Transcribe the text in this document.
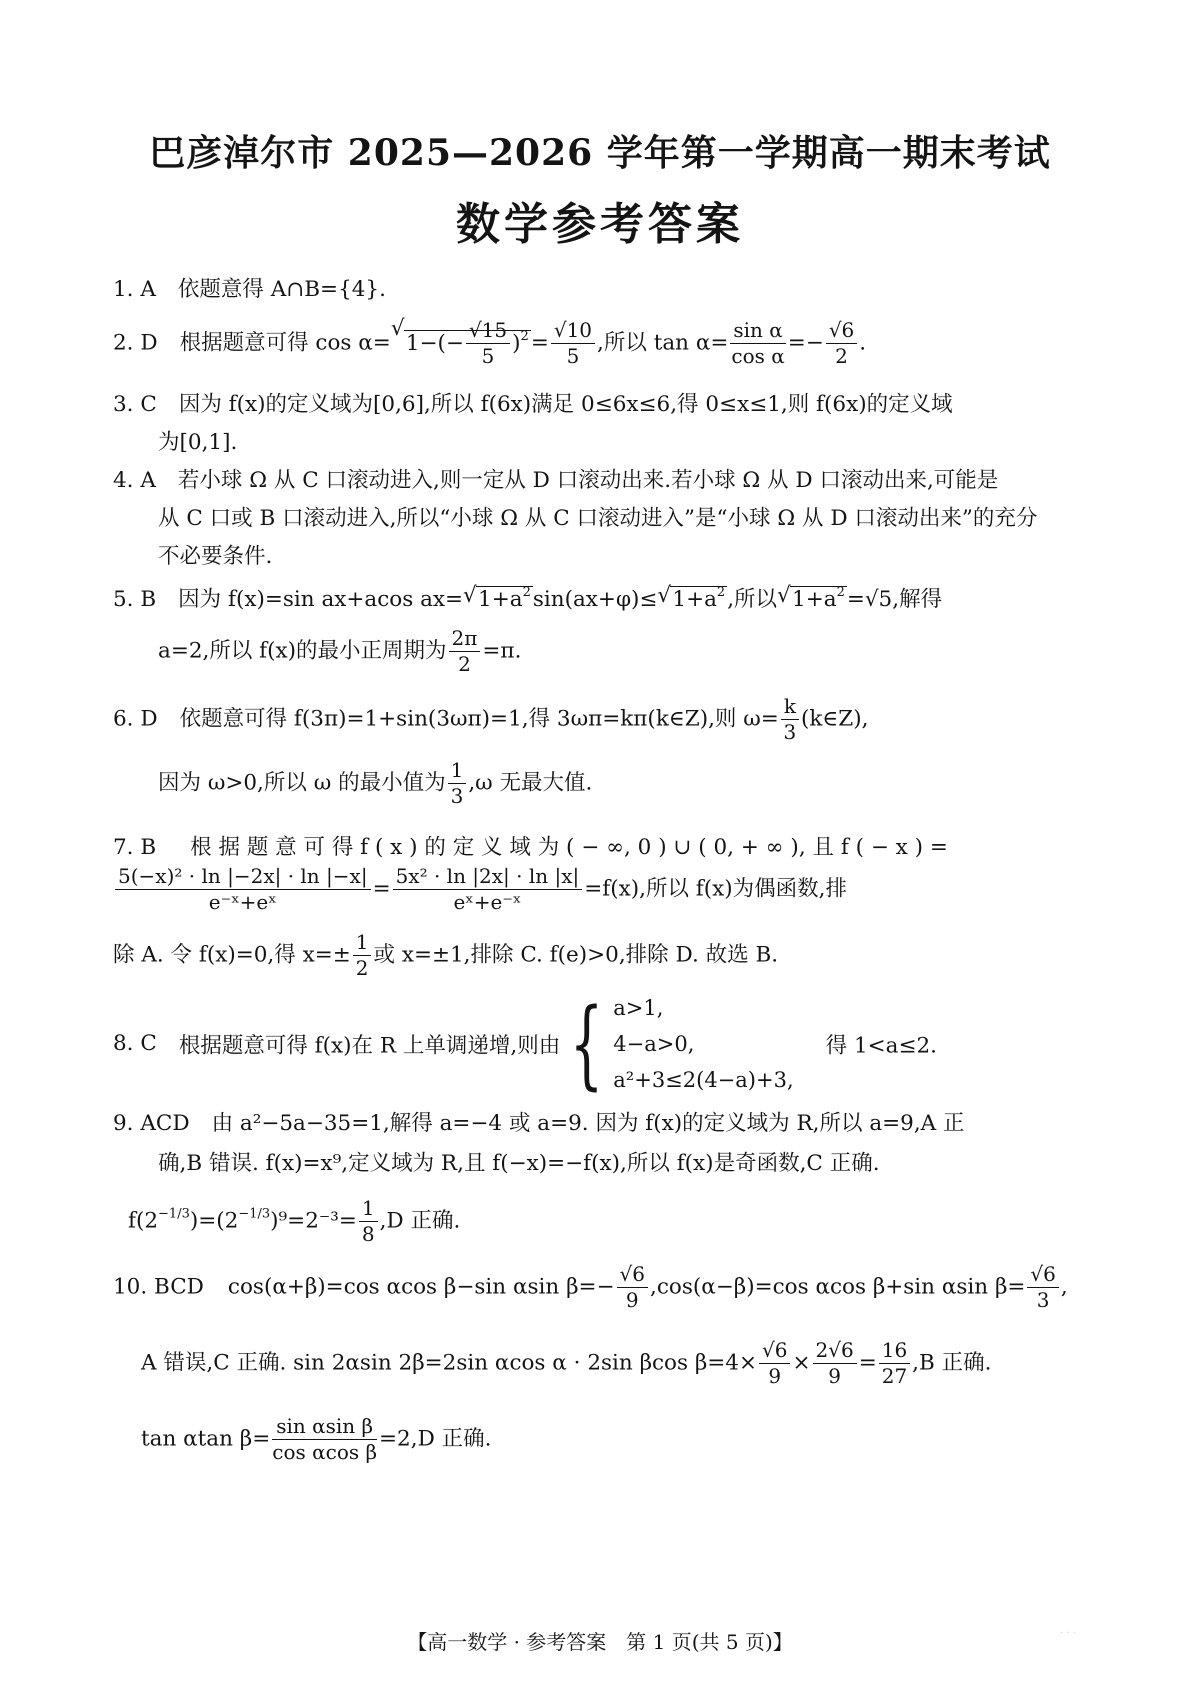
巴彦淖尔市 2025—2026 学年第一学期高一期末考试
数学参考答案
1. A 依题意得 A∩B={4}.
2. D 根据题意可得 cos α=√ $1-(- \frac{√15}{5} )^2= \frac{√10}{5}$ ,所以 $\tan \alpha= \frac{\text{sin α}}{\text{cos α}} =- \frac{√6}{2}$ .
3. C 因为 f(x)的定义域为[0,6],所以 f(6x)满足 0≤6x≤6,得 0≤x≤1,则 f(6x)的定义域
为[0,1].
4. A 若小球 Ω 从 C 口滚动进入,则一定从 D 口滚动出来.若小球 Ω 从 D 口滚动出来,可能是
从 C 口或 B 口滚动进入,所以“小球 Ω 从 C 口滚动进入”是“小球 Ω 从 D 口滚动出来”的充分
不必要条件.
5. B 因为 f(x)=sin ax+acos ax=√ $1+a^2\sin(ax+\varphi)\le√$ $1+a^2$,所以√ $1+a^2=√5$,解得
a=2,所以 f(x)的最小正周期为 $\frac{2\pi}{2} =\pi$.
6. D 依题意可得 f(3π)=1+sin(3ωπ)=1,得 3ωπ=kπ(k∈Z),则 $\omega= \frac{k}{3}$ (k∈Z),
因为 ω>0,所以 ω 的最小值为 $\frac{1}{3} ,\omega$ 无最大值.
7. B 根 据 题 意 可 得 f ( x ) 的 定 义 域 为 ( − ∞, 0 ) ∪ ( 0, + ∞ ), 且 f ( − x ) =
$\frac{\text{5(−x)² · ln |−2x| · ln |−x|}}{\text{e⁻ˣ+eˣ}} = \frac{\text{5x² · ln |2x| · ln |x|}}{\text{eˣ+e⁻ˣ}} =f(x)$,所以 f(x)为偶函数,排
除 A. 令 f(x)=0,得 $x=\pm \frac{1}{2}$ 或 x=±1,排除 C. f(e)>0,排除 D. 故选 B.
8. C 根据题意可得 f(x)在 R 上单调递增,则由 { a>1,
4−a>0,
a²+3≤2(4−a)+3,
得 1<a≤2.
9. ACD 由 a²−5a−35=1,解得 a=−4 或 a=9. 因为 f(x)的定义域为 R,所以 a=9,A 正
确,B 错误. f(x)=x⁹,定义域为 R,且 f(−x)=−f(x),所以 f(x)是奇函数,C 正确.
$f(2^{-1/3})=(2^{-1/3})^9=2^{-3}= \frac{1}{8} ,D$ 正确.
10. BCD cos(α+β)=cos αcos β−sin αsin $\beta=- \frac{√6}{9} ,\cos(\alpha-\beta)=\cos$ αcos β+sin αsin $\beta= \frac{√6}{3}$ ,
A 错误,C 正确. sin 2αsin 2β=2sin αcos α · 2sin βcos $\beta=4\times \frac{√6}{9} \times \frac{2√6}{9} = \frac{16}{27} ,B$ 正确.
tan αtan $\beta= \frac{\text{sin αsin β}}{\text{cos αcos β}} =2,D$ 正确.
【高一数学 · 参考答案　第 1 页(共 5 页)】	· · ·
